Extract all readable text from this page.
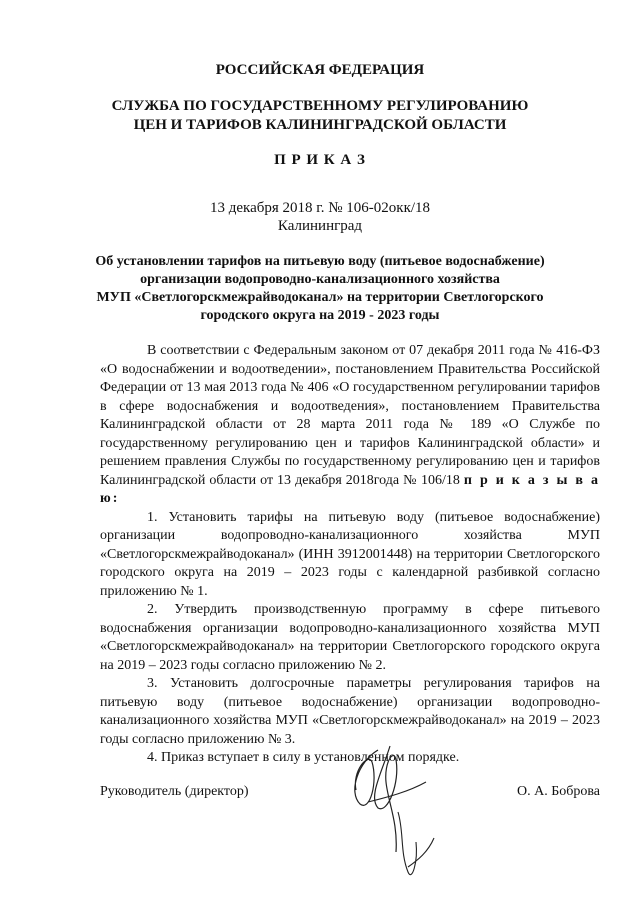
РОССИЙСКАЯ ФЕДЕРАЦИЯ
СЛУЖБА ПО ГОСУДАРСТВЕННОМУ РЕГУЛИРОВАНИЮ
ЦЕН И ТАРИФОВ КАЛИНИНГРАДСКОЙ ОБЛАСТИ
П Р И К А З
13 декабря 2018 г. № 106-02окк/18
Калининград
Об установлении тарифов на питьевую воду (питьевое водоснабжение)
организации водопроводно-канализационного хозяйства
МУП «Светлогорскмежрайводоканал» на территории Светлогорского
городского округа на 2019 - 2023 годы

В соответствии с Федеральным законом от 07 декабря 2011 года № 416-ФЗ «О водоснабжении и водоотведении», постановлением Правительства Российской Федерации от 13 мая 2013 года № 406 «О государственном регулировании тарифов в сфере водоснабжения и водоотведения», постановлением Правительства Калининградской области от 28 марта 2011 года № 189 «О Службе по государственному регулированию цен и тарифов Калининградской области» и решением правления Службы по государственному регулированию цен и тарифов Калининградской области от 13 декабря 2018года № 106/18 п р и к а з ы в а ю:

1. Установить тарифы на питьевую воду (питьевое водоснабжение) организации водопроводно-канализационного хозяйства МУП «Светлогорскмежрайводоканал» (ИНН 3912001448) на территории Светлогорского городского округа на 2019 – 2023 годы с календарной разбивкой согласно приложению № 1.

2. Утвердить производственную программу в сфере питьевого водоснабжения организации водопроводно-канализационного хозяйства МУП «Светлогорскмежрайводоканал» на территории Светлогорского городского округа на 2019 – 2023 годы согласно приложению № 2.

3. Установить долгосрочные параметры регулирования тарифов на питьевую воду (питьевое водоснабжение) организации водопроводно-канализационного хозяйства МУП «Светлогорскмежрайводоканал» на 2019 – 2023 годы согласно приложению № 3.

4. Приказ вступает в силу в установленном порядке.

Руководитель (директор)	О. А. Боброва
